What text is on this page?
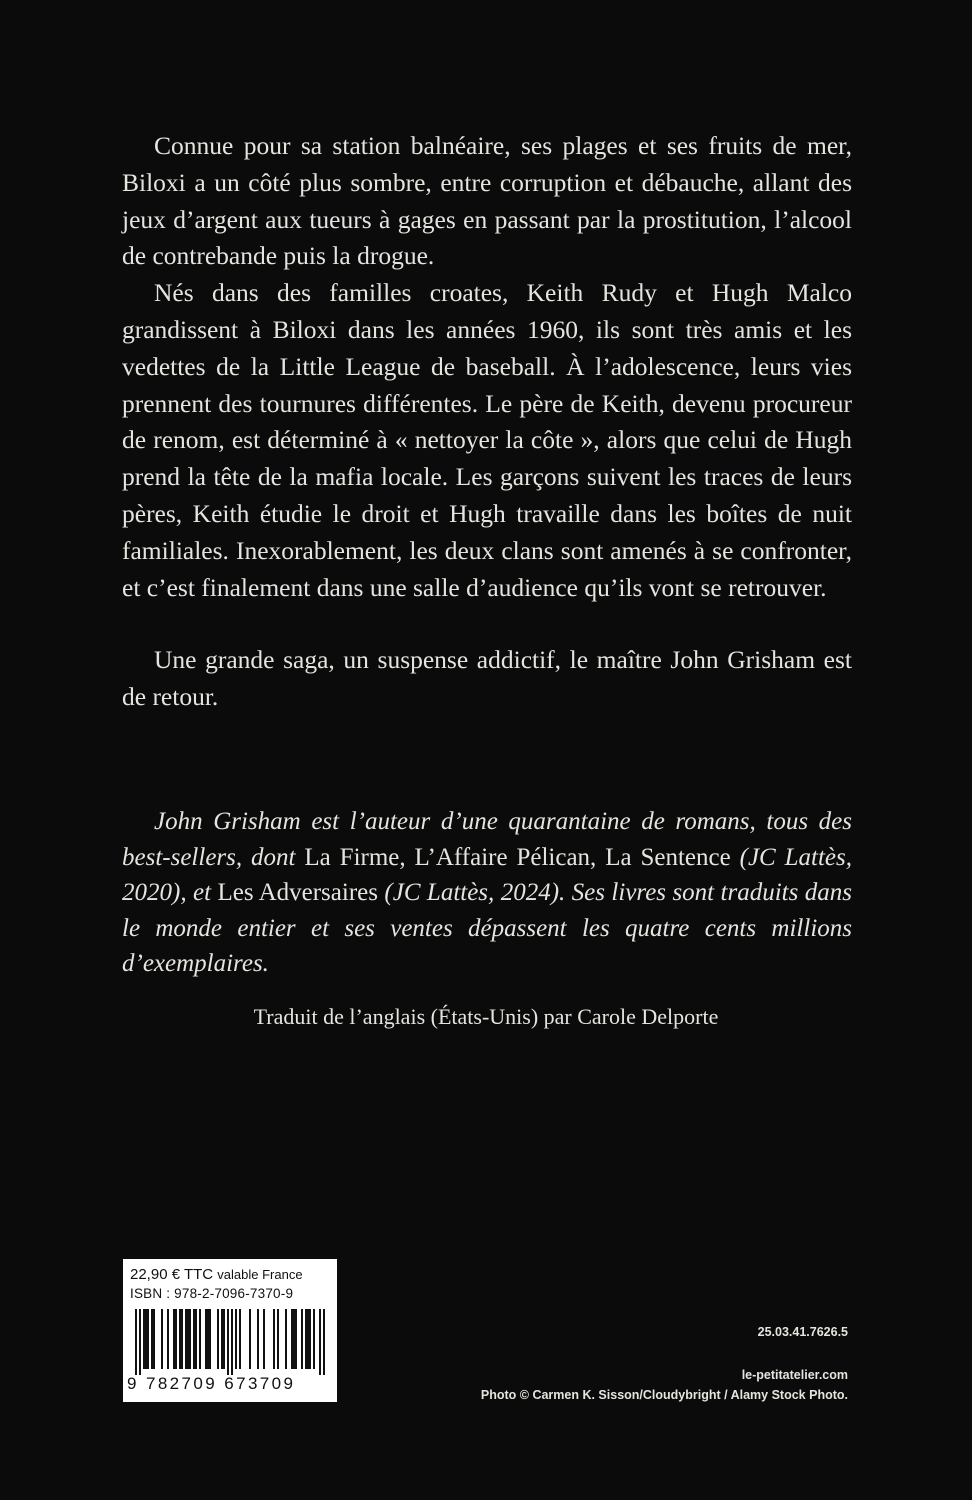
Connue pour sa station balnéaire, ses plages et ses fruits de mer, Biloxi a un côté plus sombre, entre corruption et débauche, allant des jeux d’argent aux tueurs à gages en passant par la prostitution, l’alcool de contrebande puis la drogue.

Nés dans des familles croates, Keith Rudy et Hugh Malco grandissent à Biloxi dans les années 1960, ils sont très amis et les vedettes de la Little League de baseball. À l’adolescence, leurs vies prennent des tournures différentes. Le père de Keith, devenu procureur de renom, est déterminé à « nettoyer la côte », alors que celui de Hugh prend la tête de la mafia locale. Les garçons suivent les traces de leurs pères, Keith étudie le droit et Hugh travaille dans les boîtes de nuit familiales. Inexorablement, les deux clans sont amenés à se confronter, et c’est finalement dans une salle d’audience qu’ils vont se retrouver.

Une grande saga, un suspense addictif, le maître John Grisham est de retour.

John Grisham est l’auteur d’une quarantaine de romans, tous des best-sellers, dont La Firme, L’Affaire Pélican, La Sentence (JC Lattès, 2020), et Les Adversaires (JC Lattès, 2024). Ses livres sont traduits dans le monde entier et ses ventes dépassent les quatre cents millions d’exemplaires.

Traduit de l’anglais (États-Unis) par Carole Delporte

22,90 € TTC valable France
ISBN : 978-2-7096-7370-9
9 782709 673709

25.03.41.7626.5

le-petitatelier.com

Photo © Carmen K. Sisson/Cloudybright / Alamy Stock Photo.
